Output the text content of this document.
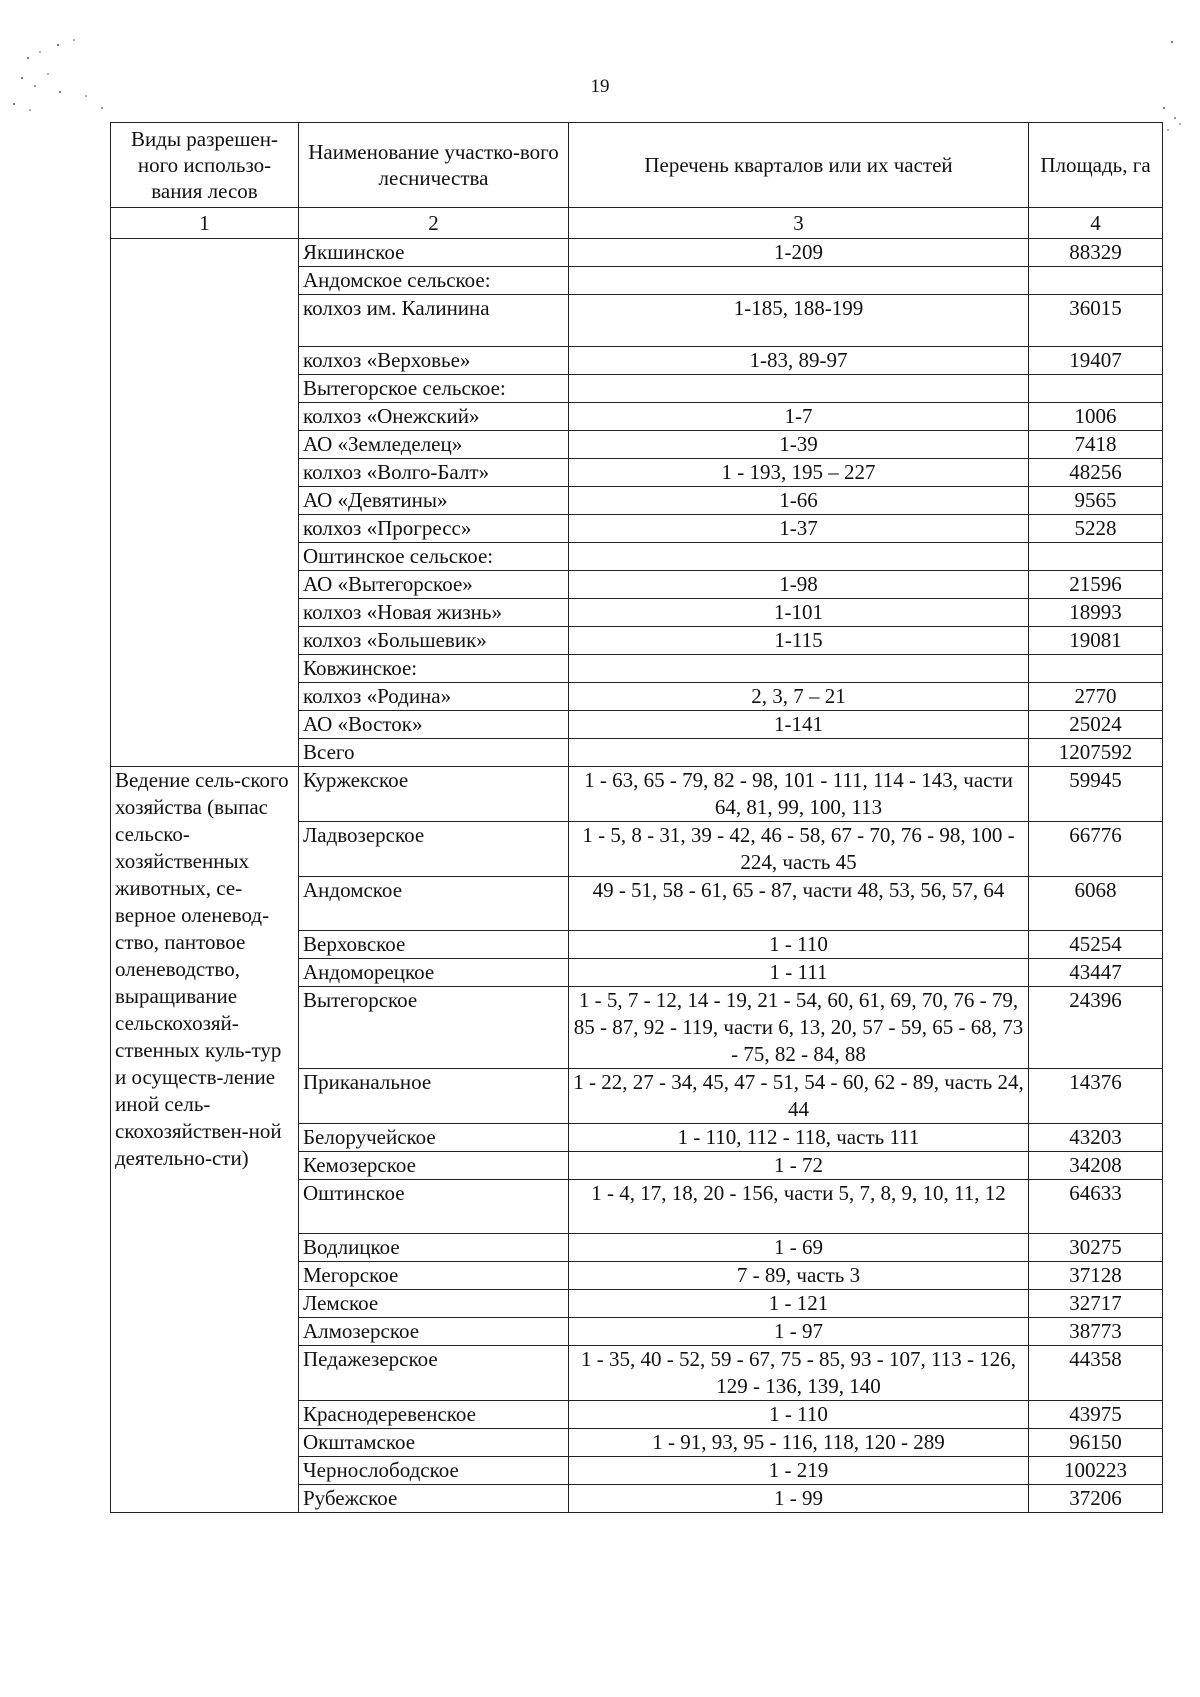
19
Виды разрешен-ного использо-вания лесов	Наименование участко-вого лесничества	Перечень кварталов или их частей	Площадь, га
1	2	3	4
	Якшинское	1-209	88329
	Андомское сельское:		
	колхоз им. Калинина	1-185, 188-199	36015
	колхоз «Верховье»	1-83, 89-97	19407
	Вытегорское сельское:		
	колхоз «Онежский»	1-7	1006
	АО «Земледелец»	1-39	7418
	колхоз «Волго-Балт»	1 - 193, 195 – 227	48256
	АО «Девятины»	1-66	9565
	колхоз «Прогресс»	1-37	5228
	Оштинское сельское:		
	АО «Вытегорское»	1-98	21596
	колхоз «Новая жизнь»	1-101	18993
	колхоз «Большевик»	1-115	19081
	Ковжинское:		
	колхоз «Родина»	2, 3, 7 – 21	2770
	АО «Восток»	1-141	25024
	Всего		1207592
Ведение сель-ского хозяйства (выпас сельско-хозяйственных животных, се-верное оленевод-ство, пантовое оленеводство, выращивание сельскохозяй-ственных куль-тур и осуществ-ление иной сель-скохозяйствен-ной деятельно-сти)	Куржекское	1 - 63, 65 - 79, 82 - 98, 101 - 111, 114 - 143, части 64, 81, 99, 100, 113	59945
	Ладвозерское	1 - 5, 8 - 31, 39 - 42, 46 - 58, 67 - 70, 76 - 98, 100 - 224, часть 45	66776
	Андомское	49 - 51, 58 - 61, 65 - 87, части 48, 53, 56, 57, 64	6068
	Верховское	1 - 110	45254
	Андоморецкое	1 - 111	43447
	Вытегорское	1 - 5, 7 - 12, 14 - 19, 21 - 54, 60, 61, 69, 70, 76 - 79, 85 - 87, 92 - 119, части 6, 13, 20, 57 - 59, 65 - 68, 73 - 75, 82 - 84, 88	24396
	Приканальное	1 - 22, 27 - 34, 45, 47 - 51, 54 - 60, 62 - 89, часть 24, 44	14376
	Белоручейское	1 - 110, 112 - 118, часть 111	43203
	Кемозерское	1 - 72	34208
	Оштинское	1 - 4, 17, 18, 20 - 156, части 5, 7, 8, 9, 10, 11, 12	64633
	Водлицкое	1 - 69	30275
	Мегорское	7 - 89, часть 3	37128
	Лемское	1 - 121	32717
	Алмозерское	1 - 97	38773
	Педажезерское	1 - 35, 40 - 52, 59 - 67, 75 - 85, 93 - 107, 113 - 126, 129 - 136, 139, 140	44358
	Краснодеревенское	1 - 110	43975
	Окштамское	1 - 91, 93, 95 - 116, 118, 120 - 289	96150
	Чернослободское	1 - 219	100223
	Рубежское	1 - 99	37206
